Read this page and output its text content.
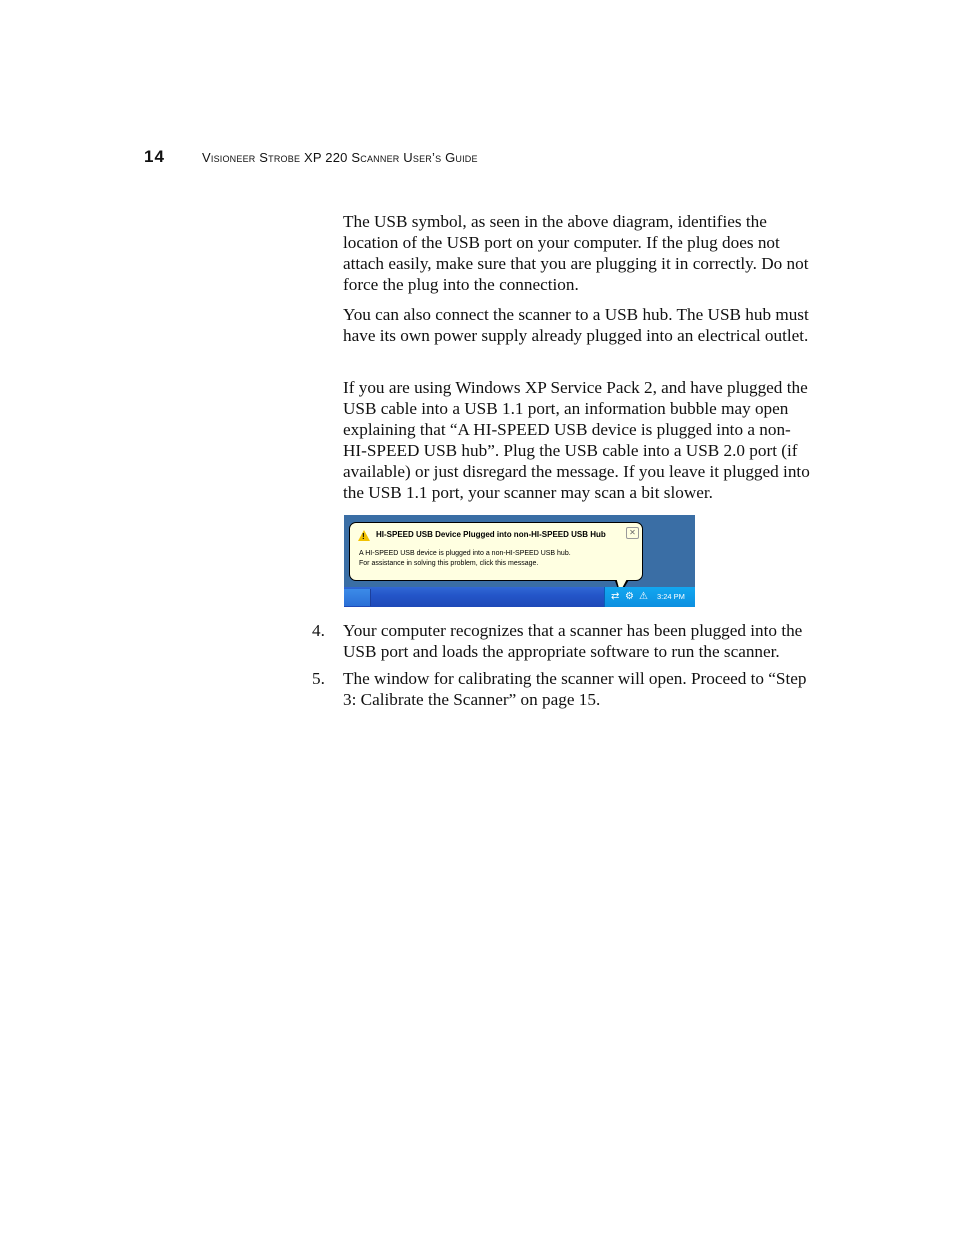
14	Visioneer Strobe XP 220 Scanner User’s Guide

The USB symbol, as seen in the above diagram, identifies the location of the USB port on your computer. If the plug does not attach easily, make sure that you are plugging it in correctly. Do not force the plug into the connection.

You can also connect the scanner to a USB hub. The USB hub must have its own power supply already plugged into an electrical outlet.

If you are using Windows XP Service Pack 2, and have plugged the USB cable into a USB 1.1 port, an information bubble may open explaining that “A HI-SPEED USB device is plugged into a non-HI-SPEED USB hub”. Plug the USB cable into a USB 2.0 port (if available) or just disregard the message. If you leave it plugged into the USB 1.1 port, your scanner may scan a bit slower.

! HI-SPEED USB Device Plugged into non-HI-SPEED USB Hub
A HI-SPEED USB device is plugged into a non-HI-SPEED USB hub.
For assistance in solving this problem, click this message.
✕
⇄ ⚙ ⚠ 3:24 PM
4. Your computer recognizes that a scanner has been plugged into the USB port and loads the appropriate software to run the scanner.
5. The window for calibrating the scanner will open. Proceed to “Step 3: Calibrate the Scanner” on page 15.
